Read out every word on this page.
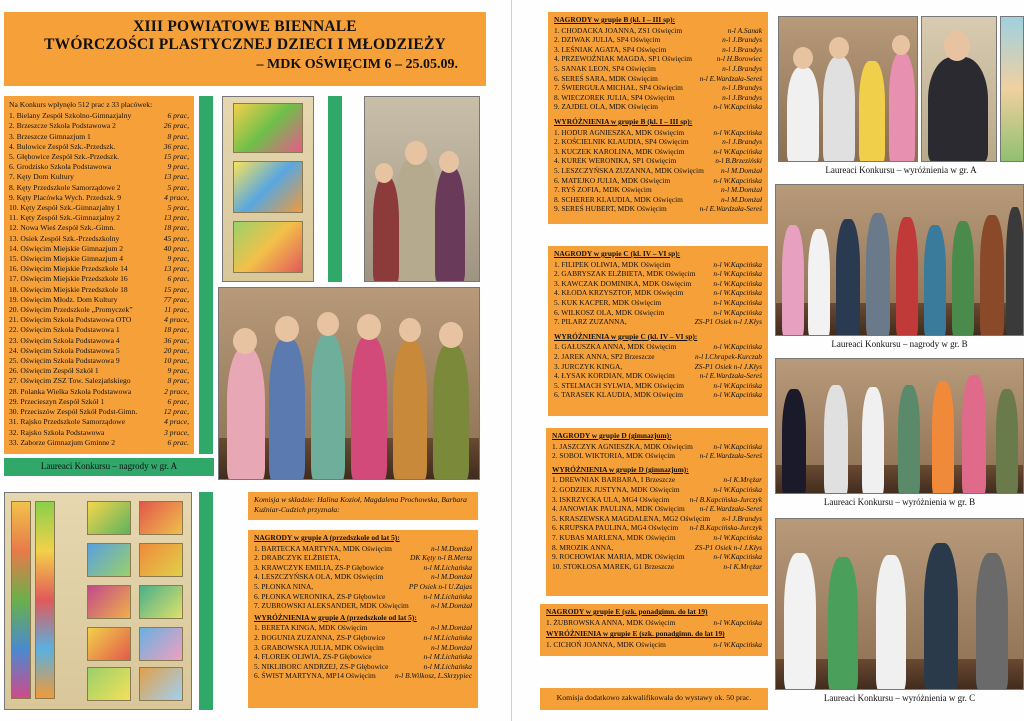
XIII POWIATOWE BIENNALE
TWÓRCZOŚCI PLASTYCZNEJ DZIECI I MŁODZIEŻY
– MDK OŚWIĘCIM 6 – 25.05.09.
Na Konkurs wpłynęło 512 prac z 33 placówek:
1. Bielany Zespół Szkolno-Gimnazjalny	6 prac,
2. Brzeszcze Szkoła Podstawowa 2	26 prac,
3. Brzeszcze Gimnazjum 1	8 prac,
4. Bulowice Zespół Szk.-Przedszk.	36 prac,
5. Głębowice Zespół Szk.-Przedszk.	15 prac,
6. Grodzisko Szkoła Podstawowa	9 prac,
7. Kęty Dom Kultury	13 prac,
8. Kęty Przedszkole Samorządowe 2	5 prac,
9. Kęty Placówka Wych. Przedszk. 9	4 prace,
10. Kęty Zespół Szk.-Gimnazjalny 1	5 prac,
11. Kęty Zespół Szk.-Gimnazjalny 2	13 prac,
12. Nowa Wieś Zespół Szk.-Gimn.	18 prac,
13. Osiek Zespół Szk.-Przedszkolny	45 prac,
14. Oświęcim Miejskie Gimnazjum 2	40 prac,
15. Oświęcim Miejskie Gimnazjum 4	9 prac,
16. Oświęcim Miejskie Przedszkole 14	13 prac,
17. Oświęcim Miejskie Przedszkole 16	6 prac,
18. Oświęcim Miejskie Przedszkole 18	15 prac,
19. Oświęcim Młodz. Dom Kultury	77 prac,
20. Oświęcim Przedszkole „Promyczek”	11 prac,
21. Oświęcim Szkoła Podstawowa OTO	4 prace,
22. Oświęcim Szkoła Podstawowa 1	18 prac,
23. Oświęcim Szkoła Podstawowa 4	36 prac,
24. Oświęcim Szkoła Podstawowa 5	20 prac,
25. Oświęcim Szkoła Podstawowa 9	10 prac,
26. Oświęcim Zespół Szkół 1	9 prac,
27. Oświęcim ZSZ Tow. Salezjańskiego	8 prac,
28. Polanka Wielka Szkoła Podstawowa	2 prace,
29. Przecieszyn Zespół Szkół 1	6 prac,
30. Przeciszów Zespół Szkół Podst-Gimn.	12 prac,
31. Rajsko Przedszkole Samorządowe	4 prace,
32. Rajsko Szkoła Podstawowa	3 prace,
33. Zaborze Gimnazjum Gminne 2	6 prac.
Laureaci Konkursu – nagrody w gr. A
Komisja w składzie: Halina Kozioł, Magdalena Prochowska, Barbara Kuźniar-Cudzich przyznała:
NAGRODY w grupie A (przedszkole od lat 5):
1. BARTECKA MARTYNA, MDK Oświęcim	n-l M.Domżał
2. DRABCZYK ELŻBIETA,	DK Kęty n-l B.Merta
3. KRAWCZYK EMILIA, ZS-P Głębowice	n-l M.Lichańska
4. LESZCZYŃSKA OLA, MDK Oświęcim	n-l M.Domżał
5. PŁONKA NINA,	PP Osiek n-l U.Zajas
6. PŁONKA WERONIKA, ZS-P Głębowice	n-l M.Lichańska
7. ZUBROWSKI ALEKSANDER, MDK Oświęcim	n-l M.Domżał
WYRÓŻNIENIA w grupie A (przedszkole od lat 5):
1. BERETA KINGA, MDK Oświęcim	n-l M.Domżał
2. BOGUNIA ZUZANNA, ZS-P Głębowice	n-l M.Lichańska
3. GRABOWSKA JULIA, MDK Oświęcim	n-l M.Domżał
4. FLOREK OLIWIA, ZS-P Głębowice	n-l M.Lichańska
5. NIKLIBORC ANDRZEJ, ZS-P Głębowice	n-l M.Lichańska
6. ŚWIST MARTYNA, MP14 Oświęcim	n-l B.Wilkosz, L.Skrzypiec
NAGRODY w grupie B (kl. I – III sp):
1. CHODACKA JOANNA, ZS1 Oświęcim	n-l A.Sanak
2. DZIWAK JULIA, SP4 Oświęcim	n-l J.Brandys
3. LEŚNIAK AGATA, SP4 Oświęcim	n-l J.Brandys
4. PRZEWOŹNIAK MAGDA, SP1 Oświęcim	n-l H.Borowiec
5. SANAK LEON, SP4 Oświęcim	n-l J.Brandys
6. SEREŚ SARA, MDK Oświęcim	n-l E.Wardzała-Sereś
7. ŚWIERGUŁA MICHAŁ, SP4 Oświęcim	n-l J.Brandys
8. WIECZOREK JULIA, SP4 Oświęcim	n-l J.Brandys
9. ZAJDEL OLA, MDK Oświęcim	n-l W.Kapcińska
WYRÓŻNIENIA w grupie B (kl. I – III sp):
1. HODUR AGNIESZKA, MDK Oświęcim	n-l W.Kapcińska
2. KOŚCIELNIK KLAUDIA, SP4 Oświęcim	n-l J.Brandys
3. KUCZEK KAROLINA, MDK Oświęcim	n-l W.Kapcińska
4. KUREK WERONIKA, SP1 Oświęcim	n-l B.Brzeziński
5. LESZCZYŃSKA ZUZANNA, MDK Oświęcim	n-l M.Domżał
6. MATEJKO JULIA, MDK Oświęcim	n-l W.Kapcińska
7. RYŚ ZOFIA, MDK Oświęcim	n-l M.Domżał
8. SCHERER KLAUDIA, MDK Oświęcim	n-l M.Domżał
9. SEREŚ HUBERT, MDK Oświęcim	n-l E.Wardzała-Sereś
NAGRODY w grupie C (kl. IV – VI sp):
1. FILIPEK OLIWIA, MDK Oświęcim	n-l W.Kapcińska
2. GABRYSZAK ELŻBIETA, MDK Oświęcim	n-l W.Kapcińska
3. KAWCZAK DOMINIKA, MDK Oświęcim	n-l W.Kapcińska
4. KŁODA KRZYSZTOF, MDK Oświęcim	n-l W.Kapcińska
5. KUK KACPER, MDK Oświęcim	n-l W.Kapcińska
6. WILKOSZ OLA, MDK Oświęcim	n-l W.Kapcińska
7. PILARZ ZUZANNA,	ZS-P1 Osiek n-l J.Kłys
WYRÓŻNIENIA w grupie C (kl. IV – VI sp):
1. GAŁUSZKA ANNA, MDK Oświęcim	n-l W.Kapcińska
2. JAREK ANNA, SP2 Brzeszcze	n-l I.Chrapek-Kurczab
3. JURCZYK KINGA,	ZS-P1 Osiek n-l J.Kłys
4. ŁYSAK KORDIAN, MDK Oświęcim	n-l E.Wardzała-Sereś
5. STELMACH SYLWIA, MDK Oświęcim	n-l W.Kapcińska
6. TARASEK KLAUDIA, MDK Oświęcim	n-l W.Kapcińska
NAGRODY w grupie D (gimnazjum):
1. JASZCZYK AGNIESZKA, MDK Oświęcim	n-l W.Kapcińska
2. SOBOL WIKTORIA, MDK Oświęcim	n-l E.Wardzała-Sereś
WYRÓŻNIENIA w grupie D (gimnazjum):
1. DREWNIAK BARBARA, I Brzeszcze	n-l K.Mrężar
2. GODZIEK JUSTYNA, MDK Oświęcim	n-l W.Kapcińska
3. ISKRZYCKA ULA, MG4 Oświęcim	n-l B.Kapcińska-Jurczyk
4. JANOWIAK PAULINA, MDK Oświęcim	n-l E.Wardzała-Sereś
5. KRASZEWSKA MAGDALENA, MG2 Oświęcim	n-l J.Brandys
6. KRUPSKA PAULINA, MG4 Oświęcim	n-l B.Kapcińska-Jurczyk
7. KUBAS MARLENA, MDK Oświęcim	n-l W.Kapcińska
8. MROZIK ANNA,	ZS-P1 Osiek n-l J.Kłys
9. ROCHOWIAK MARIA, MDK Oświęcim	n-l W.Kapcińska
10. STOKŁOSA MAREK, G1 Brzeszcze	n-l K.Mrężar
NAGRODY w grupie E (szk. ponadgimn. do lat 19)
1. ŻUBROWSKA ANNA, MDK Oświęcim	n-l W.Kapcińska
WYRÓŻNIENIA w grupie E (szk. ponadgimn. do lat 19)
1. CICHOŃ JOANNA, MDK Oświęcim	n-l W.Kapcińska
Komisja dodatkowo zakwalifikowała do wystawy ok. 50 prac.
Laureaci Konkursu – wyróżnienia w gr. A
Laureaci Konkursu – nagrody w gr. B
Laureaci Konkursu – wyróżnienia w gr. B
Laureaci Konkursu – wyróżnienia w gr. C
